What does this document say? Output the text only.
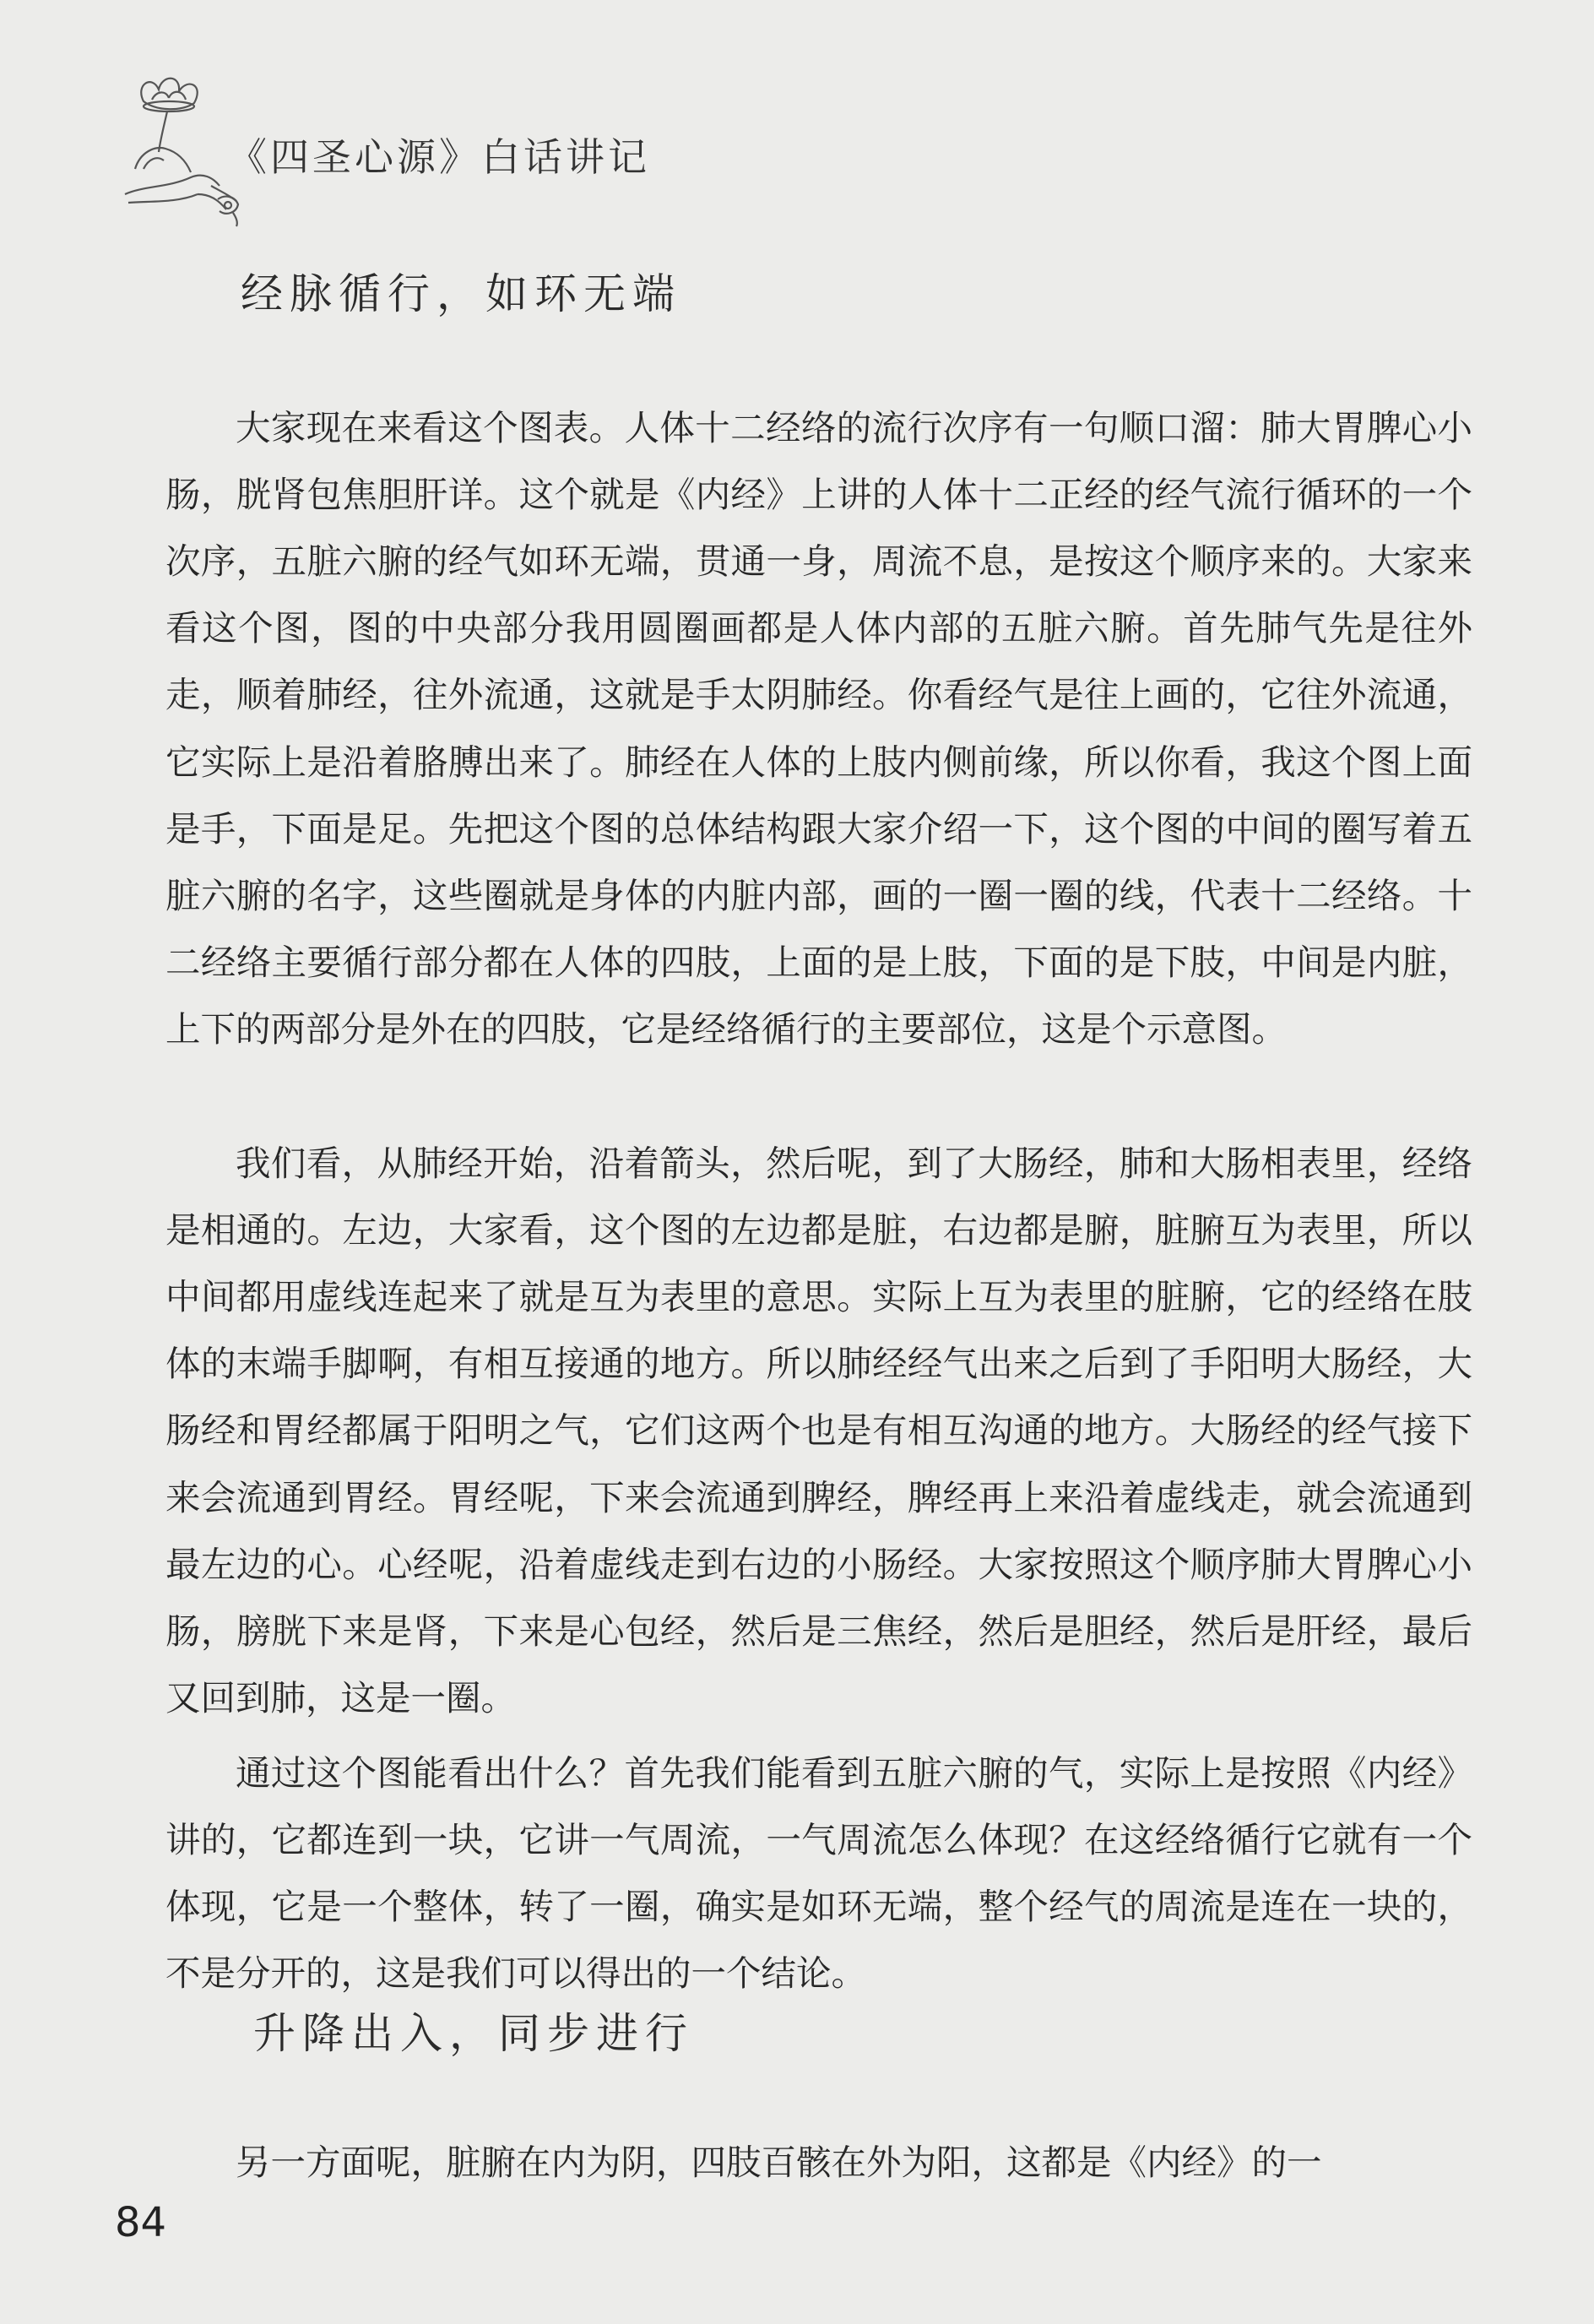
《四圣心源》白话讲记
经脉循行，如环无端

大家现在来看这个图表。人体十二经络的流行次序有一句顺口溜：肺大胃脾心小肠，胱肾包焦胆肝详。这个就是《内经》上讲的人体十二正经的经气流行循环的一个次序，五脏六腑的经气如环无端，贯通一身，周流不息，是按这个顺序来的。大家来看这个图，图的中央部分我用圆圈画都是人体内部的五脏六腑。首先肺气先是往外走，顺着肺经，往外流通，这就是手太阴肺经。你看经气是往上画的，它往外流通，它实际上是沿着胳膊出来了。肺经在人体的上肢内侧前缘，所以你看，我这个图上面是手，下面是足。先把这个图的总体结构跟大家介绍一下，这个图的中间的圈写着五脏六腑的名字，这些圈就是身体的内脏内部，画的一圈一圈的线，代表十二经络。十二经络主要循行部分都在人体的四肢，上面的是上肢，下面的是下肢，中间是内脏，上下的两部分是外在的四肢，它是经络循行的主要部位，这是个示意图。

我们看，从肺经开始，沿着箭头，然后呢，到了大肠经，肺和大肠相表里，经络是相通的。左边，大家看，这个图的左边都是脏，右边都是腑，脏腑互为表里，所以中间都用虚线连起来了就是互为表里的意思。实际上互为表里的脏腑，它的经络在肢体的末端手脚啊，有相互接通的地方。所以肺经经气出来之后到了手阳明大肠经，大肠经和胃经都属于阳明之气，它们这两个也是有相互沟通的地方。大肠经的经气接下来会流通到胃经。胃经呢，下来会流通到脾经，脾经再上来沿着虚线走，就会流通到最左边的心。心经呢，沿着虚线走到右边的小肠经。大家按照这个顺序肺大胃脾心小肠，膀胱下来是肾，下来是心包经，然后是三焦经，然后是胆经，然后是肝经，最后又回到肺，这是一圈。

通过这个图能看出什么？首先我们能看到五脏六腑的气，实际上是按照《内经》讲的，它都连到一块，它讲一气周流，一气周流怎么体现？在这经络循行它就有一个体现，它是一个整体，转了一圈，确实是如环无端，整个经气的周流是连在一块的，不是分开的，这是我们可以得出的一个结论。

升降出入，同步进行

另一方面呢，脏腑在内为阴，四肢百骸在外为阳，这都是《内经》的一

84
